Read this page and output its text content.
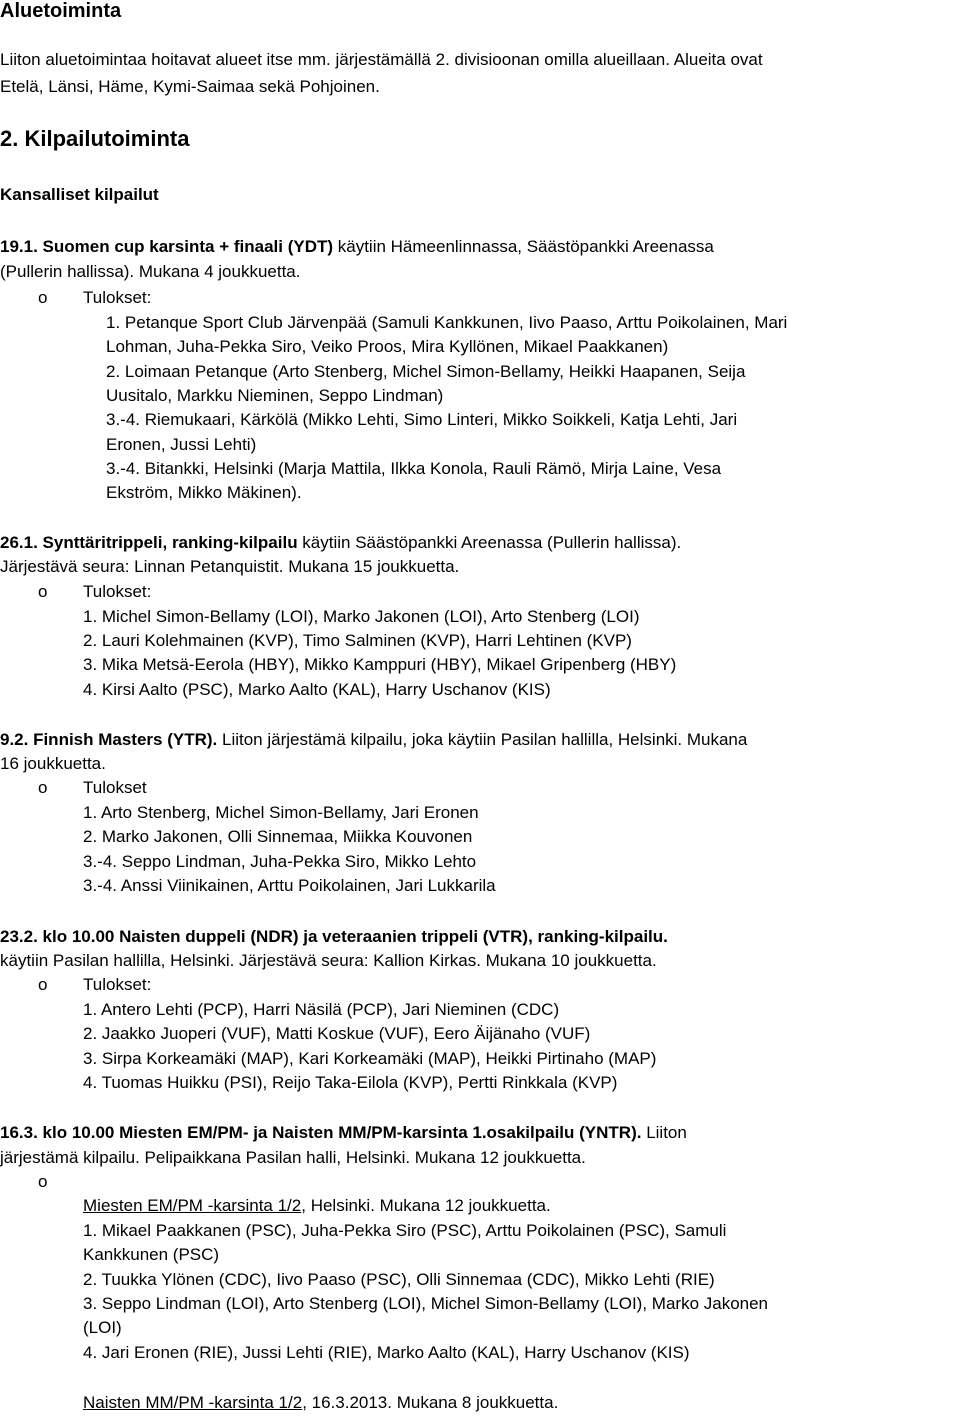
Aluetoiminta
Liiton aluetoimintaa hoitavat alueet itse mm. järjestämällä 2. divisioonan omilla alueillaan. Alueita ovat
Etelä, Länsi, Häme, Kymi-Saimaa sekä Pohjoinen.
2. Kilpailutoiminta
Kansalliset kilpailut
19.1. Suomen cup karsinta + finaali (YDT) käytiin Hämeenlinnassa, Säästöpankki Areenassa
(Pullerin hallissa). Mukana 4 joukkuetta.
o Tulokset:
1. Petanque Sport Club Järvenpää (Samuli Kankkunen, Iivo Paaso, Arttu Poikolainen, Mari
Lohman, Juha-Pekka Siro, Veiko Proos, Mira Kyllönen, Mikael Paakkanen)
2. Loimaan Petanque (Arto Stenberg, Michel Simon-Bellamy, Heikki Haapanen, Seija
Uusitalo, Markku Nieminen, Seppo Lindman)
3.-4. Riemukaari, Kärkölä (Mikko Lehti, Simo Linteri, Mikko Soikkeli, Katja Lehti, Jari
Eronen, Jussi Lehti)
3.-4. Bitankki, Helsinki (Marja Mattila, Ilkka Konola, Rauli Rämö, Mirja Laine, Vesa
Ekström, Mikko Mäkinen).
26.1. Synttäritrippeli, ranking-kilpailu käytiin Säästöpankki Areenassa (Pullerin hallissa).
Järjestävä seura: Linnan Petanquistit. Mukana 15 joukkuetta.
o Tulokset:
1. Michel Simon-Bellamy (LOI), Marko Jakonen (LOI), Arto Stenberg (LOI)
2. Lauri Kolehmainen (KVP), Timo Salminen (KVP), Harri Lehtinen (KVP)
3. Mika Metsä-Eerola (HBY), Mikko Kamppuri (HBY), Mikael Gripenberg (HBY)
4. Kirsi Aalto (PSC), Marko Aalto (KAL), Harry Uschanov (KIS)
9.2. Finnish Masters (YTR). Liiton järjestämä kilpailu, joka käytiin Pasilan hallilla, Helsinki. Mukana
16 joukkuetta.
o Tulokset
1. Arto Stenberg, Michel Simon-Bellamy, Jari Eronen
2. Marko Jakonen, Olli Sinnemaa, Miikka Kouvonen
3.-4. Seppo Lindman, Juha-Pekka Siro, Mikko Lehto
3.-4. Anssi Viinikainen, Arttu Poikolainen, Jari Lukkarila
23.2. klo 10.00 Naisten duppeli (NDR) ja veteraanien trippeli (VTR), ranking-kilpailu.
käytiin Pasilan hallilla, Helsinki. Järjestävä seura: Kallion Kirkas. Mukana 10 joukkuetta.
o Tulokset:
1. Antero Lehti (PCP), Harri Näsilä (PCP), Jari Nieminen (CDC)
2. Jaakko Juoperi (VUF), Matti Koskue (VUF), Eero Äijänaho (VUF)
3. Sirpa Korkeamäki (MAP), Kari Korkeamäki (MAP), Heikki Pirtinaho (MAP)
4. Tuomas Huikku (PSI), Reijo Taka-Eilola (KVP), Pertti Rinkkala (KVP)
16.3. klo 10.00 Miesten EM/PM- ja Naisten MM/PM-karsinta 1.osakilpailu (YNTR). Liiton
järjestämä kilpailu. Pelipaikkana Pasilan halli, Helsinki. Mukana 12 joukkuetta.
o
Miesten EM/PM -karsinta 1/2, Helsinki. Mukana 12 joukkuetta.
1. Mikael Paakkanen (PSC), Juha-Pekka Siro (PSC), Arttu Poikolainen (PSC), Samuli
Kankkunen (PSC)
2. Tuukka Ylönen (CDC), Iivo Paaso (PSC), Olli Sinnemaa (CDC), Mikko Lehti (RIE)
3. Seppo Lindman (LOI), Arto Stenberg (LOI), Michel Simon-Bellamy (LOI), Marko Jakonen
(LOI)
4. Jari Eronen (RIE), Jussi Lehti (RIE), Marko Aalto (KAL), Harry Uschanov (KIS)
Naisten MM/PM -karsinta 1/2, 16.3.2013. Mukana 8 joukkuetta.
